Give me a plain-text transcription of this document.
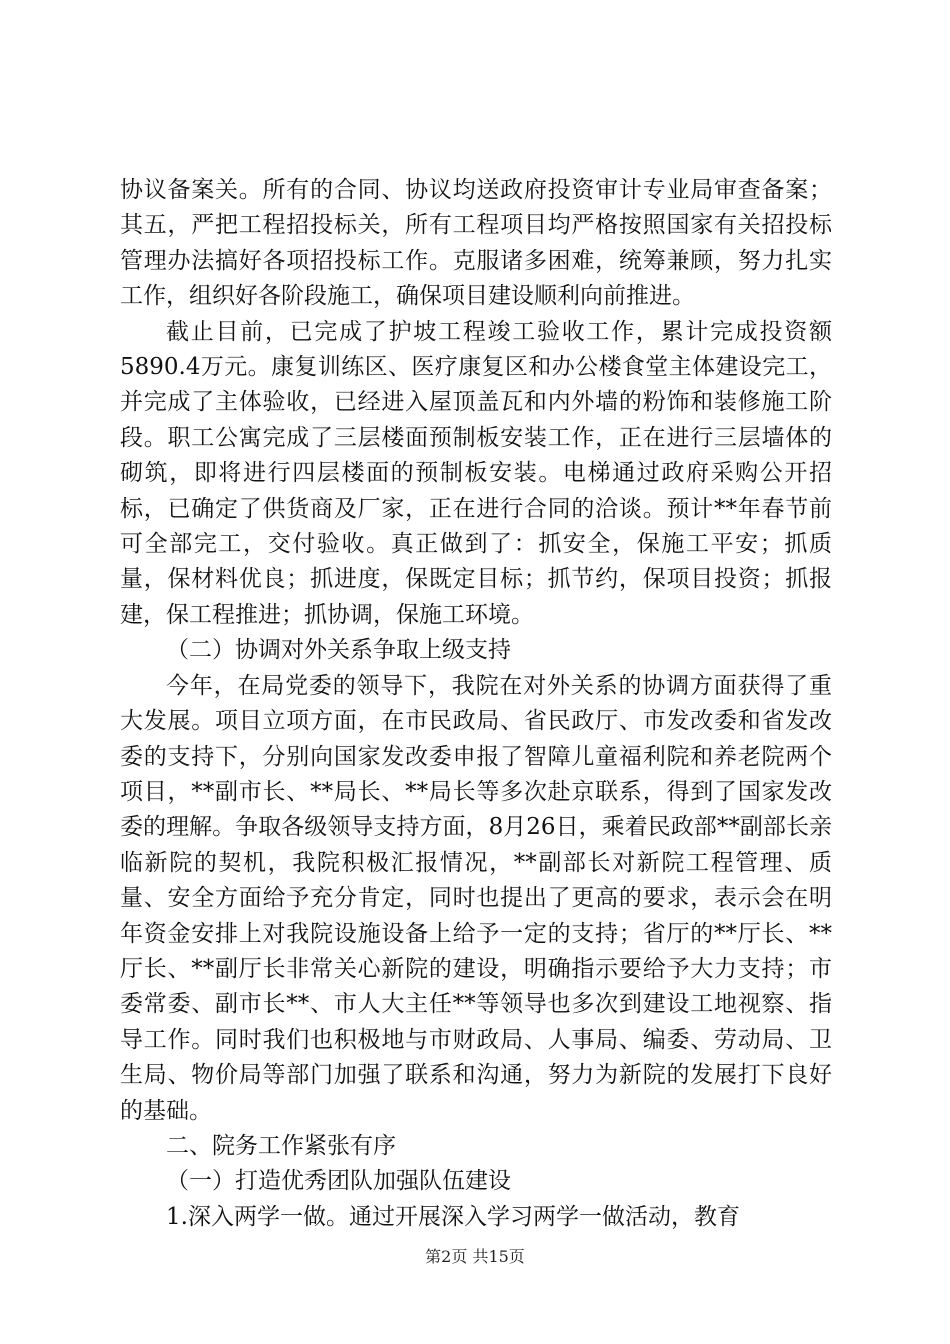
协议备案关。所有的合同、协议均送政府投资审计专业局审查备案；其五，严把工程招投标关，所有工程项目均严格按照国家有关招投标管理办法搞好各项招投标工作。克服诸多困难，统筹兼顾，努力扎实工作，组织好各阶段施工，确保项目建设顺利向前推进。

截止目前，已完成了护坡工程竣工验收工作，累计完成投资额5890.4万元。康复训练区、医疗康复区和办公楼食堂主体建设完工，并完成了主体验收，已经进入屋顶盖瓦和内外墙的粉饰和装修施工阶段。职工公寓完成了三层楼面预制板安装工作，正在进行三层墙体的砌筑，即将进行四层楼面的预制板安装。电梯通过政府采购公开招标，已确定了供货商及厂家，正在进行合同的洽谈。预计**年春节前可全部完工，交付验收。真正做到了：抓安全，保施工平安；抓质量，保材料优良；抓进度，保既定目标；抓节约，保项目投资；抓报建，保工程推进；抓协调，保施工环境。

（二）协调对外关系争取上级支持

今年，在局党委的领导下，我院在对外关系的协调方面获得了重大发展。项目立项方面，在市民政局、省民政厅、市发改委和省发改委的支持下，分别向国家发改委申报了智障儿童福利院和养老院两个项目，**副市长、**局长、**局长等多次赴京联系，得到了国家发改委的理解。争取各级领导支持方面，8月26日，乘着民政部**副部长亲临新院的契机，我院积极汇报情况，**副部长对新院工程管理、质量、安全方面给予充分肯定，同时也提出了更高的要求，表示会在明年资金安排上对我院设施设备上给予一定的支持；省厅的**厅长、**厅长、**副厅长非常关心新院的建设，明确指示要给予大力支持；市委常委、副市长**、市人大主任**等领导也多次到建设工地视察、指导工作。同时我们也积极地与市财政局、人事局、编委、劳动局、卫生局、物价局等部门加强了联系和沟通，努力为新院的发展打下良好的基础。

二、院务工作紧张有序

（一）打造优秀团队加强队伍建设

1.深入两学一做。通过开展深入学习两学一做活动，教育

第2页 共15页
